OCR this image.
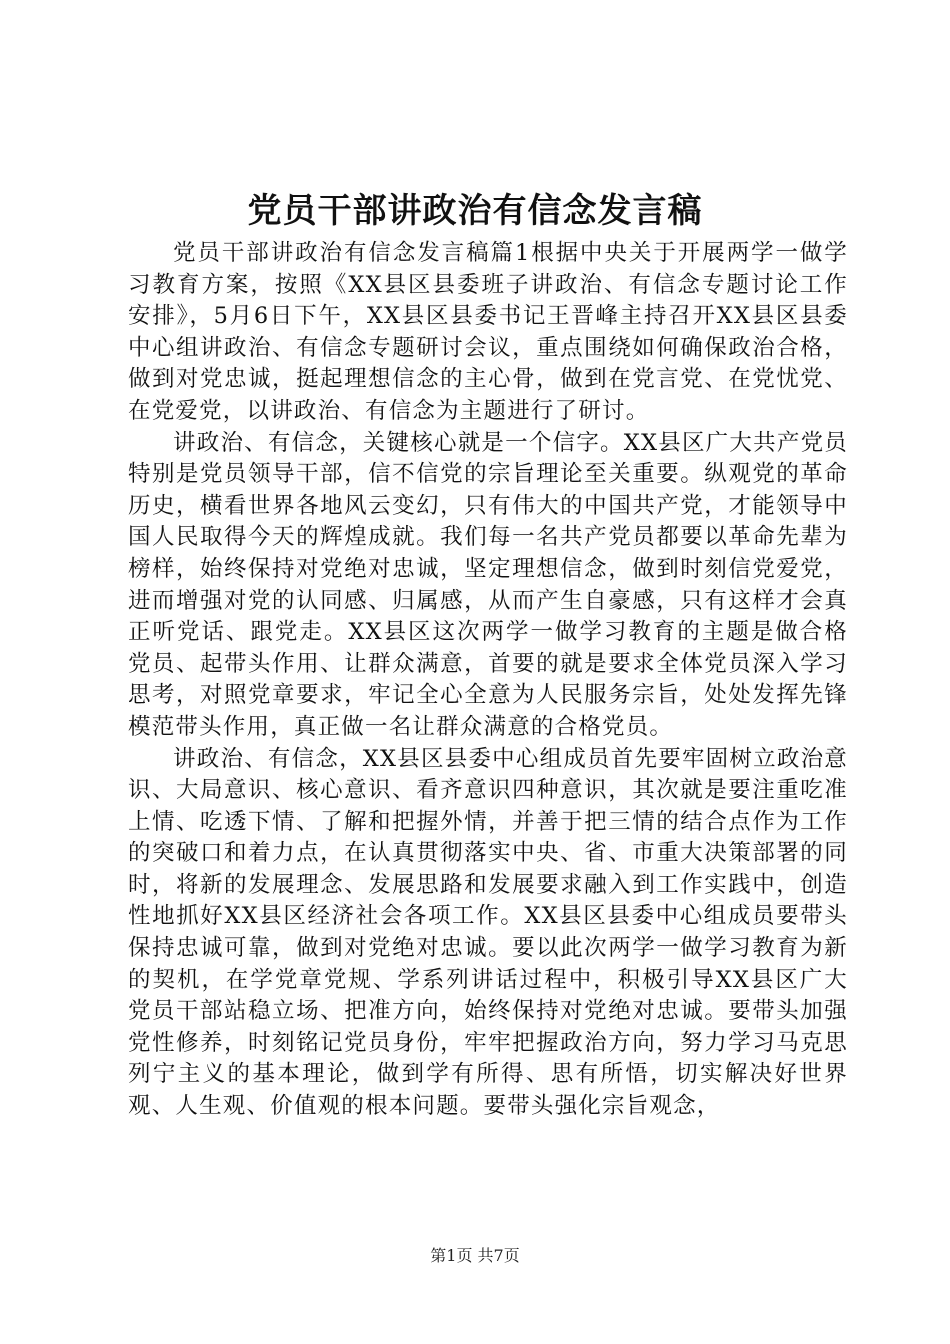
党员干部讲政治有信念发言稿

党员干部讲政治有信念发言稿篇1根据中央关于开展两学一做学习教育方案，按照《XX县区县委班子讲政治、有信念专题讨论工作安排》，5月6日下午，XX县区县委书记王晋峰主持召开XX县区县委中心组讲政治、有信念专题研讨会议，重点围绕如何确保政治合格，做到对党忠诚，挺起理想信念的主心骨，做到在党言党、在党忧党、在党爱党，以讲政治、有信念为主题进行了研讨。

讲政治、有信念，关键核心就是一个信字。XX县区广大共产党员特别是党员领导干部，信不信党的宗旨理论至关重要。纵观党的革命历史，横看世界各地风云变幻，只有伟大的中国共产党，才能领导中国人民取得今天的辉煌成就。我们每一名共产党员都要以革命先辈为榜样，始终保持对党绝对忠诚，坚定理想信念，做到时刻信党爱党，进而增强对党的认同感、归属感，从而产生自豪感，只有这样才会真正听党话、跟党走。XX县区这次两学一做学习教育的主题是做合格党员、起带头作用、让群众满意，首要的就是要求全体党员深入学习思考，对照党章要求，牢记全心全意为人民服务宗旨，处处发挥先锋模范带头作用，真正做一名让群众满意的合格党员。

讲政治、有信念，XX县区县委中心组成员首先要牢固树立政治意识、大局意识、核心意识、看齐意识四种意识，其次就是要注重吃准上情、吃透下情、了解和把握外情，并善于把三情的结合点作为工作的突破口和着力点，在认真贯彻落实中央、省、市重大决策部署的同时，将新的发展理念、发展思路和发展要求融入到工作实践中，创造性地抓好XX县区经济社会各项工作。XX县区县委中心组成员要带头保持忠诚可靠，做到对党绝对忠诚。要以此次两学一做学习教育为新的契机，在学党章党规、学系列讲话过程中，积极引导XX县区广大党员干部站稳立场、把准方向，始终保持对党绝对忠诚。要带头加强党性修养，时刻铭记党员身份，牢牢把握政治方向，努力学习马克思列宁主义的基本理论，做到学有所得、思有所悟，切实解决好世界观、人生观、价值观的根本问题。要带头强化宗旨观念，

第1页 共7页
